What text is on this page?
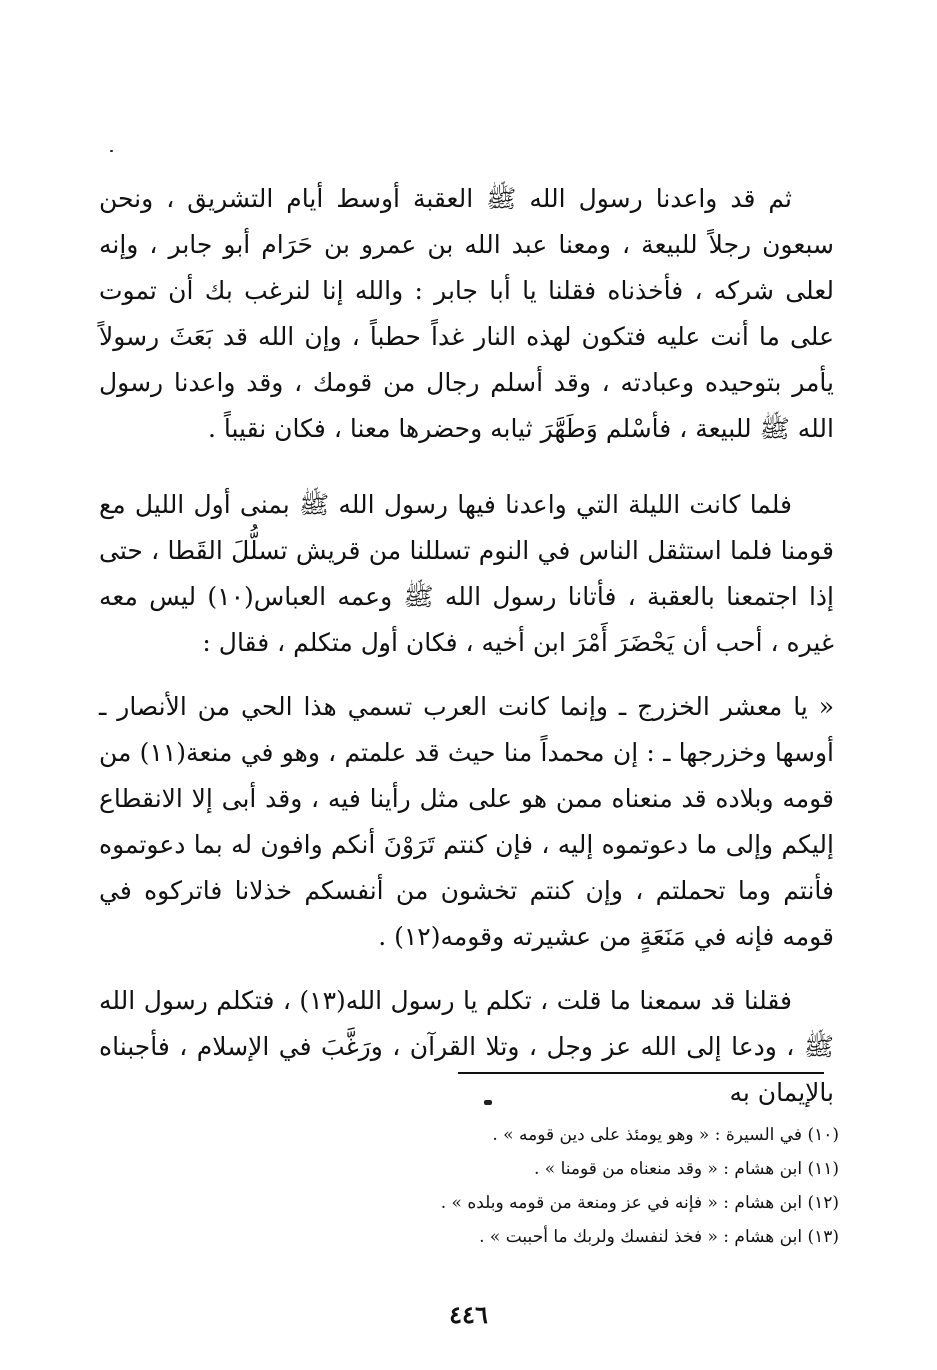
ثم قد واعدنا رسول الله ﷺ العقبة أوسط أيام التشريق ، ونحن سبعون رجلاً للبيعة ، ومعنا عبد الله بن عمرو بن حَرَام أبو جابر ، وإنه لعلى شركه ، فأخذناه فقلنا يا أبا جابر : والله إنا لنرغب بك أن تموت على ما أنت عليه فتكون لهذه النار غداً حطباً ، وإن الله قد بَعَثَ رسولاً يأمر بتوحيده وعبادته ، وقد أسلم رجال من قومك ، وقد واعدنا رسول الله ﷺ للبيعة ، فأسْلم وَطَهَّرَ ثيابه وحضرها معنا ، فكان نقيباً .

فلما كانت الليلة التي واعدنا فيها رسول الله ﷺ بمنى أول الليل مع قومنا فلما استثقل الناس في النوم تسللنا من قريش تسلُّلَ القَطا ، حتى إذا اجتمعنا بالعقبة ، فأتانا رسول الله ﷺ وعمه العباس(١٠) ليس معه غيره ، أحب أن يَحْضَرَ أَمْرَ ابن أخيه ، فكان أول متكلم ، فقال :

« يا معشر الخزرج ـ وإنما كانت العرب تسمي هذا الحي من الأنصار ـ أوسها وخزرجها ـ : إن محمداً منا حيث قد علمتم ، وهو في منعة(١١) من قومه وبلاده قد منعناه ممن هو على مثل رأينا فيه ، وقد أبى إلا الانقطاع إليكم وإلى ما دعوتموه إليه ، فإن كنتم تَرَوْنَ أنكم وافون له بما دعوتموه فأنتم وما تحملتم ، وإن كنتم تخشون من أنفسكم خذلانا فاتركوه في قومه فإنه في مَنَعَةٍ من عشيرته وقومه(١٢) .

فقلنا قد سمعنا ما قلت ، تكلم يا رسول الله(١٣) ، فتكلم رسول الله ﷺ ، ودعا إلى الله عز وجل ، وتلا القرآن ، ورَغَّبَ في الإسلام ، فأجبناه بالإيمان به

(١٠) في السيرة : « وهو يومئذ على دين قومه » .
(١١) ابن هشام : « وقد منعناه من قومنا » .
(١٢) ابن هشام : « فإنه في عز ومنعة من قومه وبلده » .
(١٣) ابن هشام : « فخذ لنفسك ولربك ما أحببت » .
٤٤٦
